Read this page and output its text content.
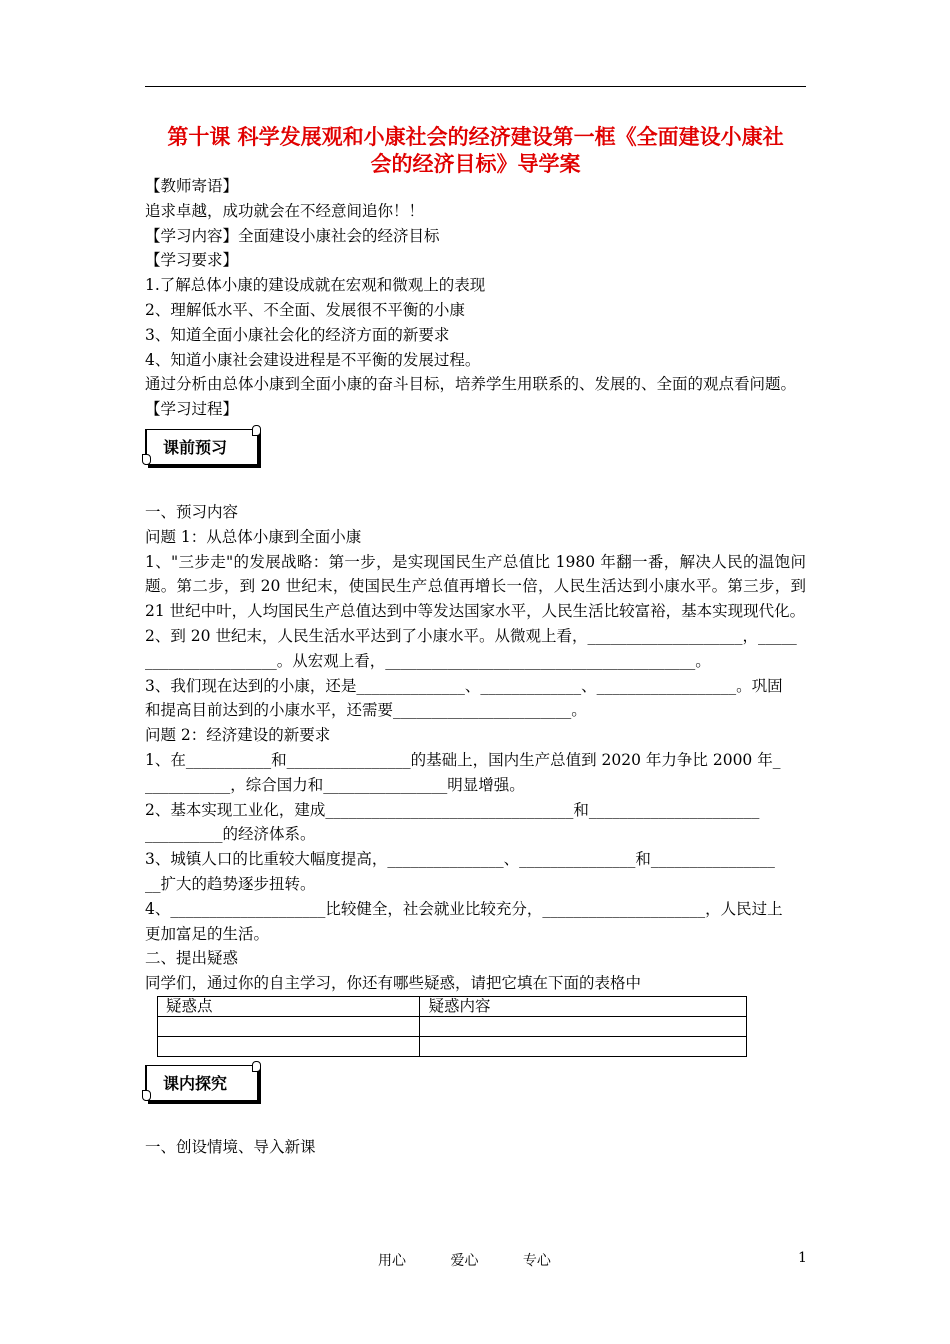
第十课 科学发展观和小康社会的经济建设第一框《全面建设小康社
会的经济目标》导学案
【教师寄语】
追求卓越，成功就会在不经意间追你！！
【学习内容】全面建设小康社会的经济目标
【学习要求】
1.了解总体小康的建设成就在宏观和微观上的表现
2、理解低水平、不全面、发展很不平衡的小康
3、知道全面小康社会化的经济方面的新要求
4、知道小康社会建设进程是不平衡的发展过程。
通过分析由总体小康到全面小康的奋斗目标，培养学生用联系的、发展的、全面的观点看问题。
【学习过程】
课前预习
一、预习内容
问题 1：从总体小康到全面小康
1、"三步走"的发展战略：第一步，是实现国民生产总值比 1980 年翻一番，解决人民的温饱问题。第二步，到 20 世纪末，使国民生产总值再增长一倍，人民生活达到小康水平。第三步，到 21 世纪中叶，人均国民生产总值达到中等发达国家水平，人民生活比较富裕，基本实现现代化。
2、到 20 世纪末，人民生活水平达到了小康水平。从微观上看，____________________，_____
_________________。从宏观上看，________________________________________。
3、我们现在达到的小康，还是______________、_____________、__________________。巩固
和提高目前达到的小康水平，还需要_______________________。
问题 2：经济建设的新要求
1、在___________和________________的基础上，国内生产总值到 2020 年力争比 2000 年_
___________，综合国力和________________明显增强。
2、基本实现工业化，建成________________________________和______________________
__________的经济体系。
3、城镇人口的比重较大幅度提高，_______________、_______________和________________
__扩大的趋势逐步扭转。
4、____________________比较健全，社会就业比较充分，_____________________，人民过上
更加富足的生活。
二、提出疑惑
同学们，通过你的自主学习，你还有哪些疑惑，请把它填在下面的表格中
疑惑点	疑惑内容

课内探究
一、创设情境、导入新课
用心	爱心	专心	1
